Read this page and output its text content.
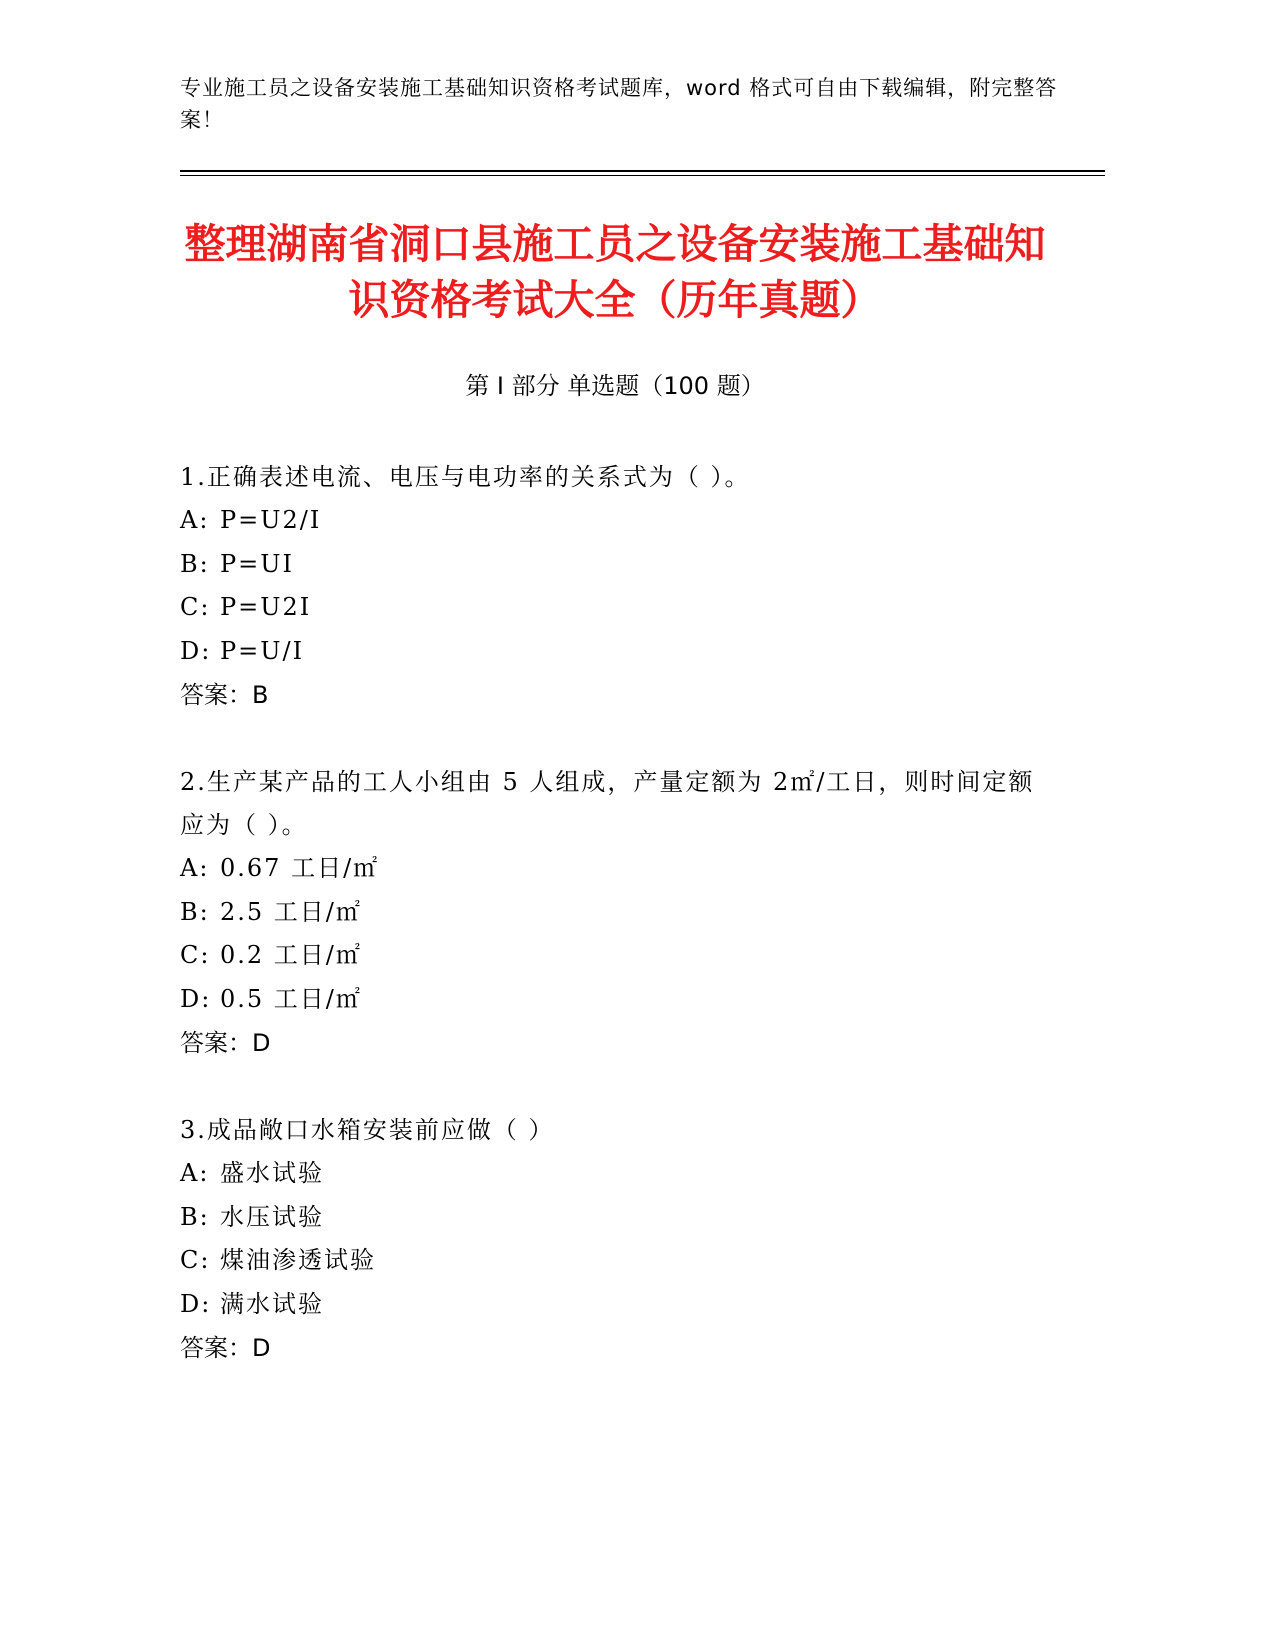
专业施工员之设备安装施工基础知识资格考试题库，word 格式可自由下载编辑，附完整答案！
整理湖南省洞口县施工员之设备安装施工基础知识资格考试大全（历年真题）
第 I 部分 单选题（100 题）
1.正确表述电流、电压与电功率的关系式为（ ）。
A: P=U2/I
B: P=UI
C: P=U2I
D: P=U/I
答案：B
2.生产某产品的工人小组由 5 人组成，产量定额为 2㎡/工日，则时间定额应为（ ）。
A: 0.67 工日/㎡
B: 2.5 工日/㎡
C: 0.2 工日/㎡
D: 0.5 工日/㎡
答案：D
3.成品敞口水箱安装前应做（ ）
A: 盛水试验
B: 水压试验
C: 煤油渗透试验
D: 满水试验
答案：D
